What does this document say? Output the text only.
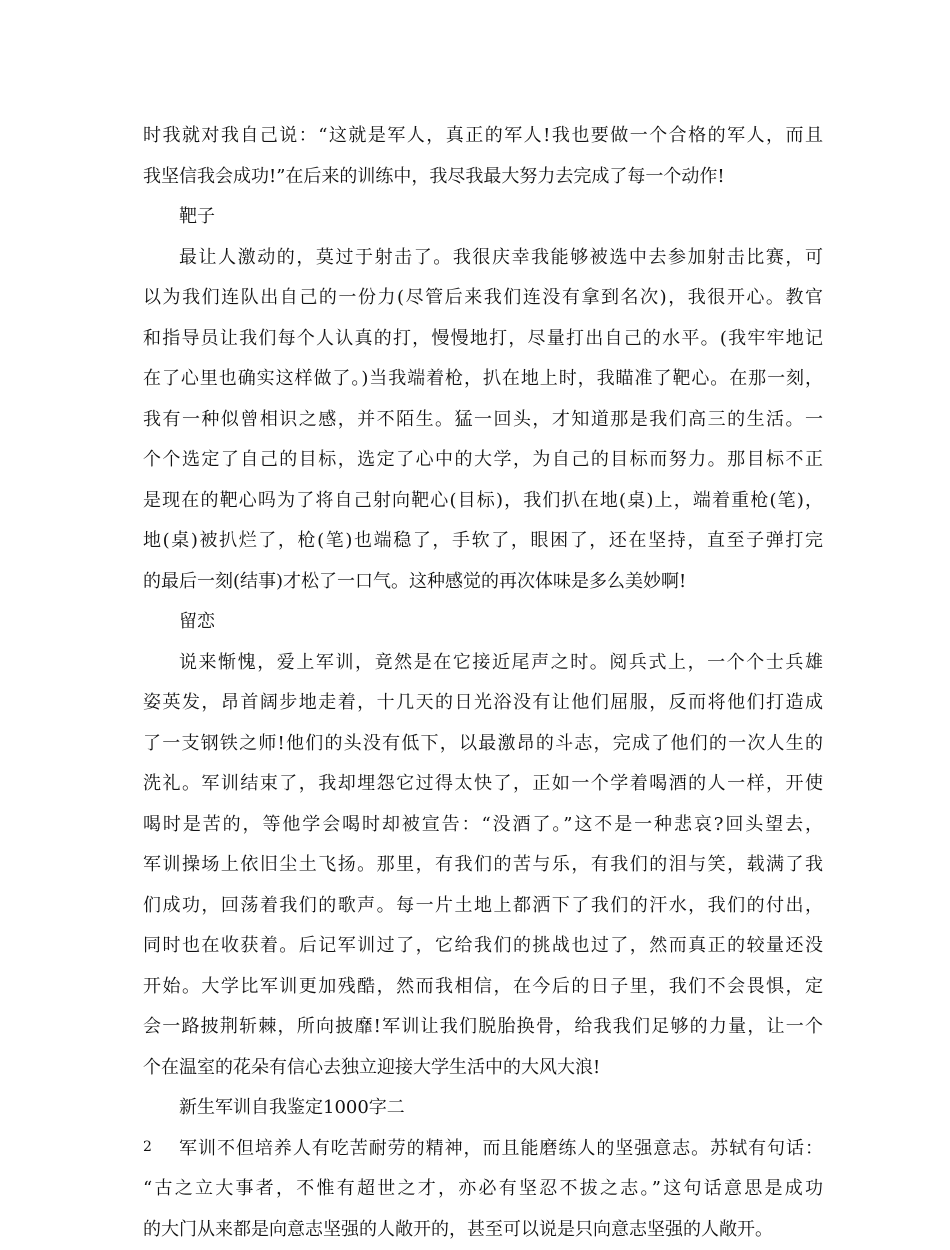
时我就对我自己说：“这就是军人，真正的军人!我也要做一个合格的军人，而且
我坚信我会成功!”在后来的训练中，我尽我最大努力去完成了每一个动作!
靶子
最让人激动的，莫过于射击了。我很庆幸我能够被选中去参加射击比赛，可
以为我们连队出自己的一份力(尽管后来我们连没有拿到名次)，我很开心。教官
和指导员让我们每个人认真的打，慢慢地打，尽量打出自己的水平。(我牢牢地记
在了心里也确实这样做了。)当我端着枪，扒在地上时，我瞄准了靶心。在那一刻，
我有一种似曾相识之感，并不陌生。猛一回头，才知道那是我们高三的生活。一
个个选定了自己的目标，选定了心中的大学，为自己的目标而努力。那目标不正
是现在的靶心吗为了将自己射向靶心(目标)，我们扒在地(桌)上，端着重枪(笔)，
地(桌)被扒烂了，枪(笔)也端稳了，手软了，眼困了，还在坚持，直至子弹打完
的最后一刻(结事)才松了一口气。这种感觉的再次体味是多么美妙啊!
留恋
说来惭愧，爱上军训，竟然是在它接近尾声之时。阅兵式上，一个个士兵雄
姿英发，昂首阔步地走着，十几天的日光浴没有让他们屈服，反而将他们打造成
了一支钢铁之师!他们的头没有低下，以最激昂的斗志，完成了他们的一次人生的
洗礼。军训结束了，我却埋怨它过得太快了，正如一个学着喝酒的人一样，开使
喝时是苦的，等他学会喝时却被宣告：“没酒了。”这不是一种悲哀?回头望去，
军训操场上依旧尘土飞扬。那里，有我们的苦与乐，有我们的泪与笑，载满了我
们成功，回荡着我们的歌声。每一片土地上都洒下了我们的汗水，我们的付出，
同时也在收获着。后记军训过了，它给我们的挑战也过了，然而真正的较量还没
开始。大学比军训更加残酷，然而我相信，在今后的日子里，我们不会畏惧，定
会一路披荆斩棘，所向披靡!军训让我们脱胎换骨，给我我们足够的力量，让一个
个在温室的花朵有信心去独立迎接大学生活中的大风大浪!
新生军训自我鉴定1000字二
军训不但培养人有吃苦耐劳的精神，而且能磨练人的坚强意志。苏轼有句话：
“古之立大事者，不惟有超世之才，亦必有坚忍不拔之志。”这句话意思是成功
的大门从来都是向意志坚强的人敞开的，甚至可以说是只向意志坚强的人敞开。
2
